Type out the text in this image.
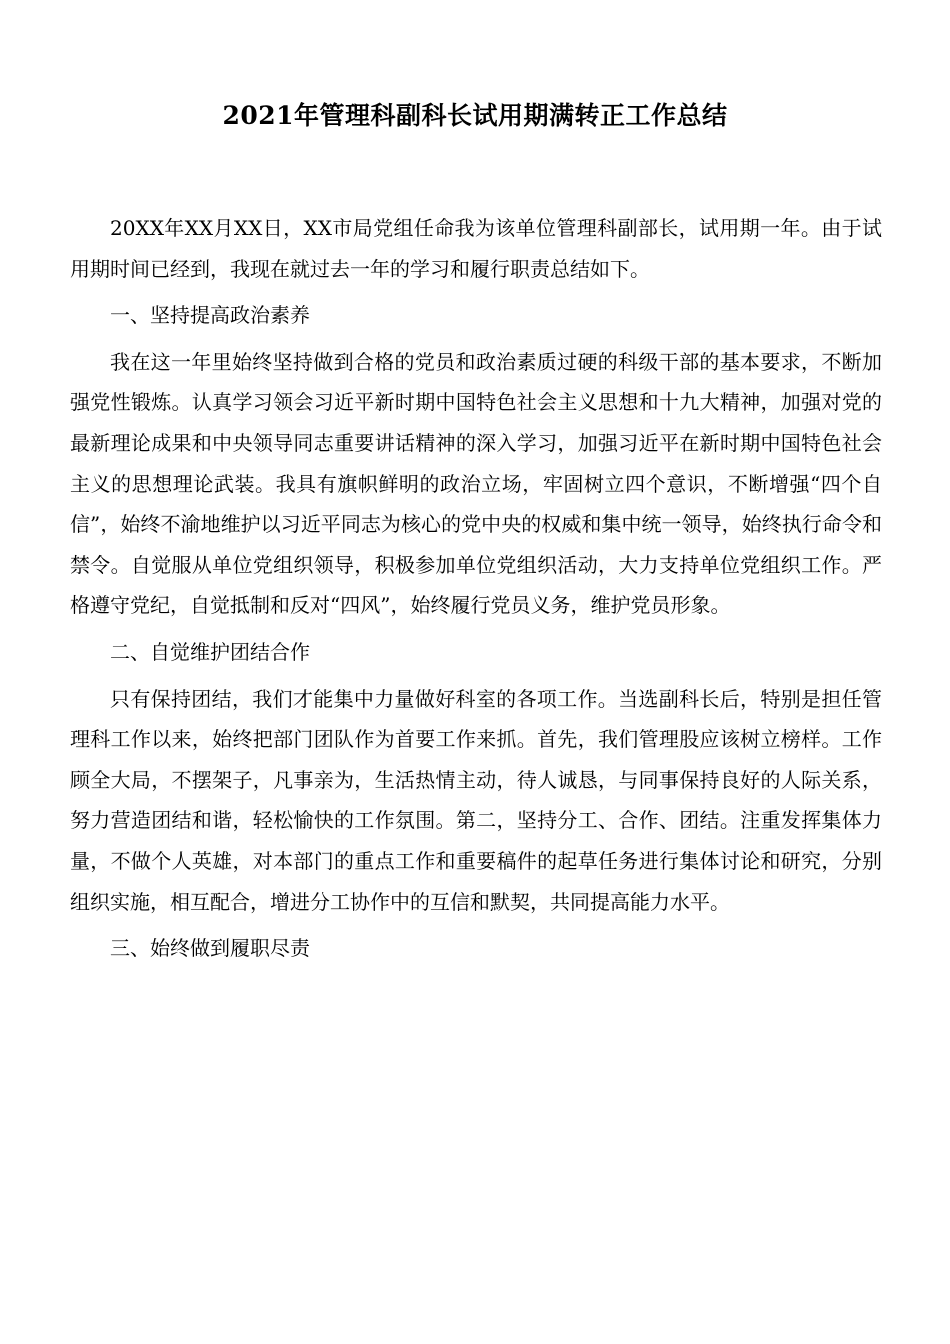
2021年管理科副科长试用期满转正工作总结

20XX年XX月XX日，XX市局党组任命我为该单位管理科副部长，试用期一年。由于试用期时间已经到，我现在就过去一年的学习和履行职责总结如下。

一、坚持提高政治素养

我在这一年里始终坚持做到合格的党员和政治素质过硬的科级干部的基本要求，不断加强党性锻炼。认真学习领会习近平新时期中国特色社会主义思想和十九大精神，加强对党的最新理论成果和中央领导同志重要讲话精神的深入学习，加强习近平在新时期中国特色社会主义的思想理论武装。我具有旗帜鲜明的政治立场，牢固树立四个意识，不断增强“四个自信”，始终不渝地维护以习近平同志为核心的党中央的权威和集中统一领导，始终执行命令和禁令。自觉服从单位党组织领导，积极参加单位党组织活动，大力支持单位党组织工作。严格遵守党纪，自觉抵制和反对“四风”，始终履行党员义务，维护党员形象。

二、自觉维护团结合作

只有保持团结，我们才能集中力量做好科室的各项工作。当选副科长后，特别是担任管理科工作以来，始终把部门团队作为首要工作来抓。首先，我们管理股应该树立榜样。工作顾全大局，不摆架子，凡事亲为，生活热情主动，待人诚恳，与同事保持良好的人际关系，努力营造团结和谐，轻松愉快的工作氛围。第二，坚持分工、合作、团结。注重发挥集体力量，不做个人英雄，对本部门的重点工作和重要稿件的起草任务进行集体讨论和研究，分别组织实施，相互配合，增进分工协作中的互信和默契，共同提高能力水平。

三、始终做到履职尽责
